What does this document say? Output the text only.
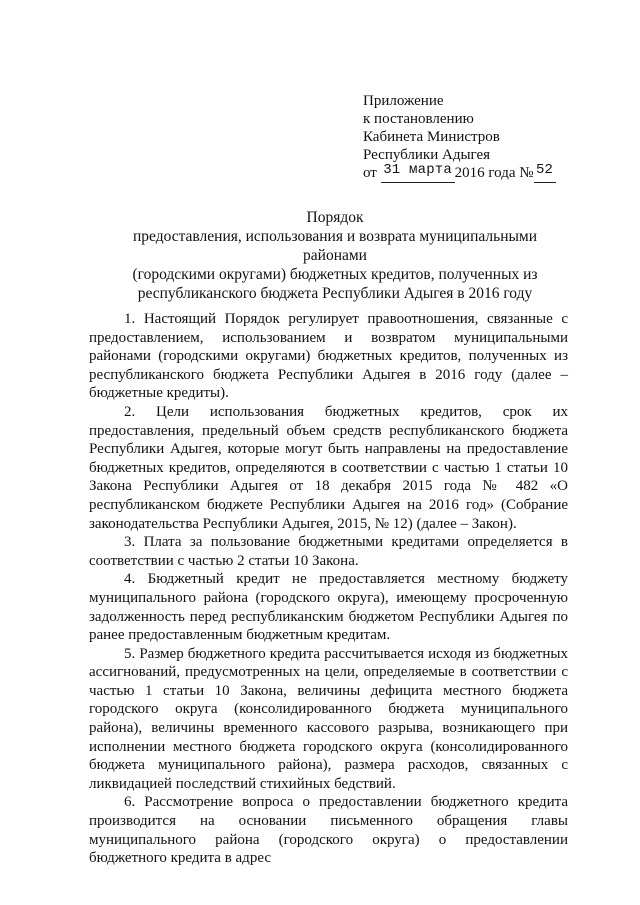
Приложение
к постановлению
Кабинета Министров
Республики Адыгея
от 31 марта 2016 года № 52
Порядок
предоставления, использования и возврата муниципальными районами
(городскими округами) бюджетных кредитов, полученных из
республиканского бюджета Республики Адыгея в 2016 году

1. Настоящий Порядок регулирует правоотношения, связанные с предоставлением, использованием и возвратом муниципальными районами (городскими округами) бюджетных кредитов, полученных из республиканского бюджета Республики Адыгея в 2016 году (далее – бюджетные кредиты).

2. Цели использования бюджетных кредитов, срок их предоставления, предельный объем средств республиканского бюджета Республики Адыгея, которые могут быть направлены на предоставление бюджетных кредитов, определяются в соответствии с частью 1 статьи 10 Закона Республики Адыгея от 18 декабря 2015 года № 482 «О республиканском бюджете Республики Адыгея на 2016 год» (Собрание законодательства Республики Адыгея, 2015, № 12) (далее – Закон).

3. Плата за пользование бюджетными кредитами определяется в соответствии с частью 2 статьи 10 Закона.

4. Бюджетный кредит не предоставляется местному бюджету муниципального района (городского округа), имеющему просроченную задолженность перед республиканским бюджетом Республики Адыгея по ранее предоставленным бюджетным кредитам.

5. Размер бюджетного кредита рассчитывается исходя из бюджетных ассигнований, предусмотренных на цели, определяемые в соответствии с частью 1 статьи 10 Закона, величины дефицита местного бюджета городского округа (консолидированного бюджета муниципального района), величины временного кассового разрыва, возникающего при исполнении местного бюджета городского округа (консолидированного бюджета муниципального района), размера расходов, связанных с ликвидацией последствий стихийных бедствий.

6. Рассмотрение вопроса о предоставлении бюджетного кредита производится на основании письменного обращения главы муниципального района (городского округа) о предоставлении бюджетного кредита в адрес
